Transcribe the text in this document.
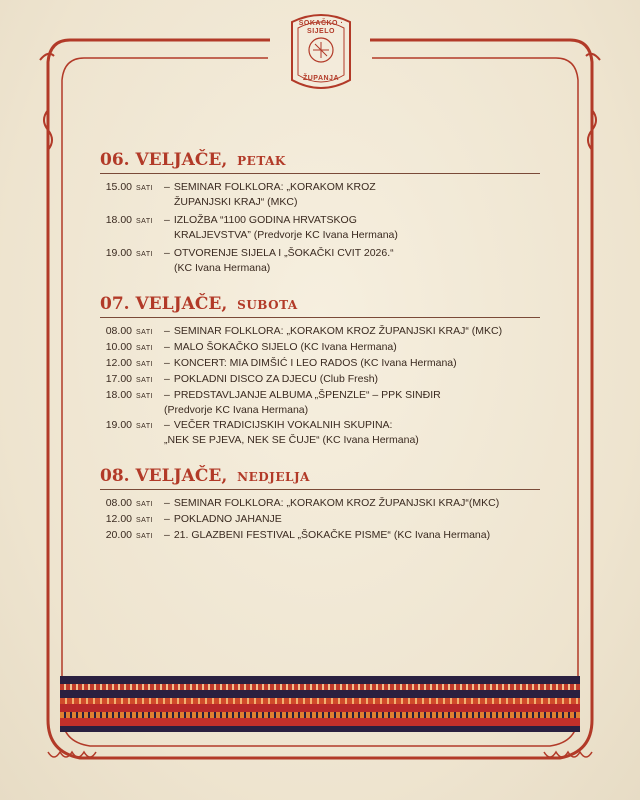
ŠOKAČKO · SIJELO
ŽUPANJA
06. VELJAČE, PETAK
15.00 SATI	– SEMINAR FOLKLORA: „KORAKOM KROZ
ŽUPANJSKI KRAJ“ (MKC)
18.00 SATI	– IZLOŽBA “1100 GODINA HRVATSKOG
KRALJEVSTVA” (Predvorje KC Ivana Hermana)
19.00 SATI	– OTVORENJE SIJELA I „ŠOKAČKI CVIT 2026.“
(KC Ivana Hermana)
07. VELJAČE, SUBOTA
08.00 SATI	– SEMINAR FOLKLORA: „KORAKOM KROZ ŽUPANJSKI KRAJ“ (MKC)
10.00 SATI	– MALO ŠOKAČKO SIJELO (KC Ivana Hermana)
12.00 SATI	– KONCERT: MIA DIMŠIĆ I LEO RADOS (KC Ivana Hermana)
17.00 SATI	– POKLADNI DISCO ZA DJECU (Club Fresh)
18.00 SATI	– PREDSTAVLJANJE ALBUMA „ŠPENZLE“ – PPK SINĐIR
(Predvorje KC Ivana Hermana)
19.00 SATI	– VEČER TRADICIJSKIH VOKALNIH SKUPINA:
„NEK SE PJEVA, NEK SE ČUJE“ (KC Ivana Hermana)
08. VELJAČE, NEDJELJA
08.00 SATI	– SEMINAR FOLKLORA: „KORAKOM KROZ ŽUPANJSKI KRAJ“(MKC)
12.00 SATI	– POKLADNO JAHANJE
20.00 SATI	– 21. GLAZBENI FESTIVAL „ŠOKAČKE PISME“ (KC Ivana Hermana)
